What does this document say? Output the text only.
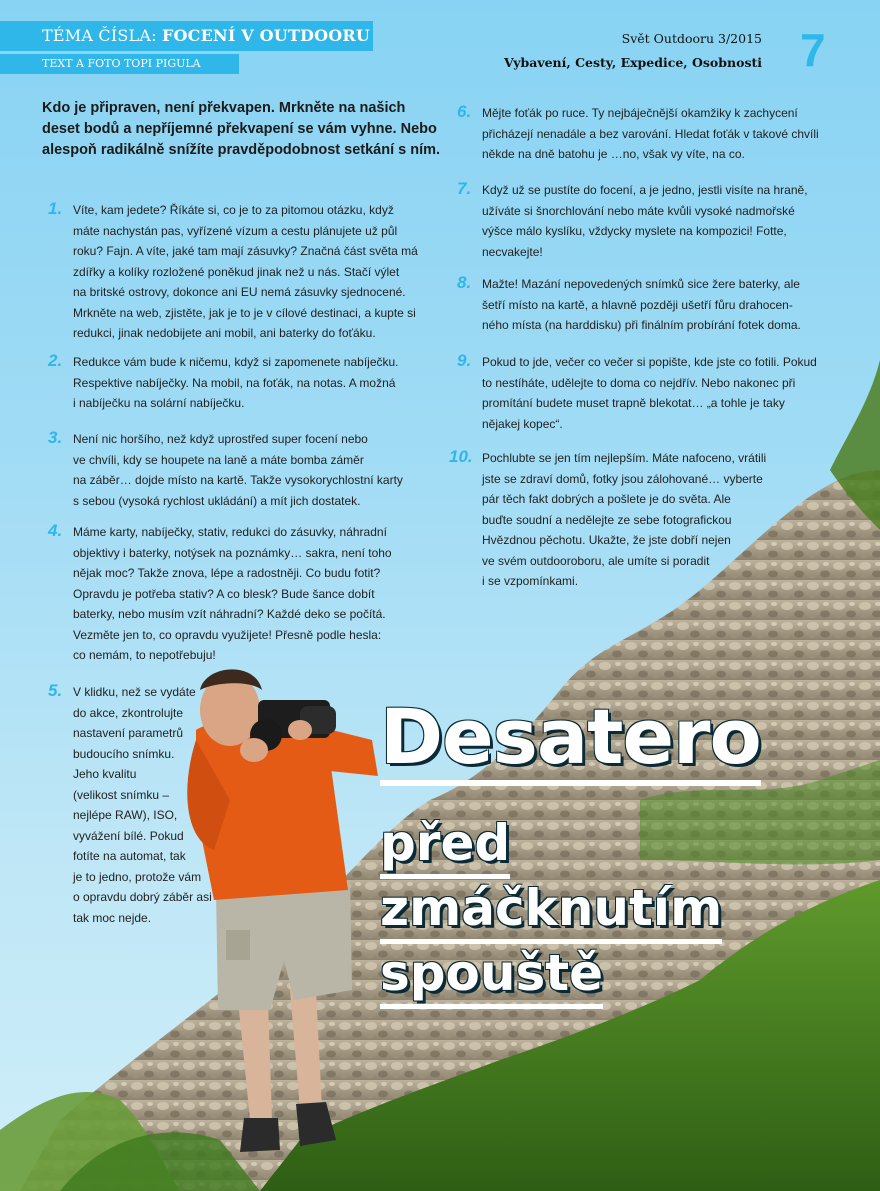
TÉMA ČÍSLA: FOCENÍ V OUTDOORU
TEXT A FOTO TOPI PIGULA
Svět Outdooru 3/2015
Vybavení, Cesty, Expedice, Osobnosti 7
Kdo je připraven, není překvapen. Mrkněte na našich deset bodů a nepříjemné překvapení se vám vyhne. Nebo alespoň radikálně snížíte pravděpodobnost setkání s ním.
1. Víte, kam jedete? Říkáte si, co je to za pitomou otázku, když
máte nachystán pas, vyřízené vízum a cestu plánujete už půl
roku? Fajn. A víte, jaké tam mají zásuvky? Značná část světa má
zdířky a kolíky rozložené poněkud jinak než u nás. Stačí výlet
na britské ostrovy, dokonce ani EU nemá zásuvky sjednocené.
Mrkněte na web, zjistěte, jak je to je v cílové destinaci, a kupte si
redukci, jinak nedobijete ani mobil, ani baterky do foťáku.
2. Redukce vám bude k ničemu, když si zapomenete nabíječku.
Respektive nabíječky. Na mobil, na foťák, na notas. A možná
i nabíječku na solární nabíječku.
3. Není nic horšího, než když uprostřed super focení nebo
ve chvíli, kdy se houpete na laně a máte bomba záměr
na záběr… dojde místo na kartě. Takže vysokorychlostní karty
s sebou (vysoká rychlost ukládání) a mít jich dostatek.
4. Máme karty, nabíječky, stativ, redukci do zásuvky, náhradní
objektivy i baterky, notýsek na poznámky… sakra, není toho
nějak moc? Takže znova, lépe a radostněji. Co budu fotit?
Opravdu je potřeba stativ? A co blesk? Bude šance dobít
baterky, nebo musím vzít náhradní? Každé deko se počítá.
Vezměte jen to, co opravdu využijete! Přesně podle hesla:
co nemám, to nepotřebuju!
5. V klidku, než se vydáte
do akce, zkontrolujte
nastavení parametrů
budoucího snímku.
Jeho kvalitu
(velikost snímku –
nejlépe RAW), ISO,
vyvážení bílé. Pokud
fotíte na automat, tak
je to jedno, protože vám
o opravdu dobrý záběr asi
tak moc nejde.
6. Mějte foťák po ruce. Ty nejbáječnější okamžiky k zachycení
přicházejí nenadále a bez varování. Hledat foťák v takové chvíli
někde na dně batohu je …no, však vy víte, na co.
7. Když už se pustíte do focení, a je jedno, jestli visíte na hraně,
užíváte si šnorchlování nebo máte kvůli vysoké nadmořské
výšce málo kyslíku, vždycky myslete na kompozici! Fotte,
necvakejte!
8. Mažte! Mazání nepovedených snímků sice žere baterky, ale
šetří místo na kartě, a hlavně později ušetří fůru drahocen-
ného místa (na harddisku) při finálním probírání fotek doma.
9. Pokud to jde, večer co večer si popište, kde jste co fotili. Pokud
to nestíháte, udělejte to doma co nejdřív. Nebo nakonec při
promítání budete muset trapně blekotat… „a tohle je taky
nějakej kopec“.
10. Pochlubte se jen tím nejlepším. Máte nafoceno, vrátili
jste se zdraví domů, fotky jsou zálohované… vyberte
pár těch fakt dobrých a pošlete je do světa. Ale
buďte soudní a nedělejte ze sebe fotografickou
Hvězdnou pěchotu. Ukažte, že jste dobří nejen
ve svém outdooroboru, ale umíte si poradit
i se vzpomínkami.
Desatero
před
zmáčknutím
spouště
